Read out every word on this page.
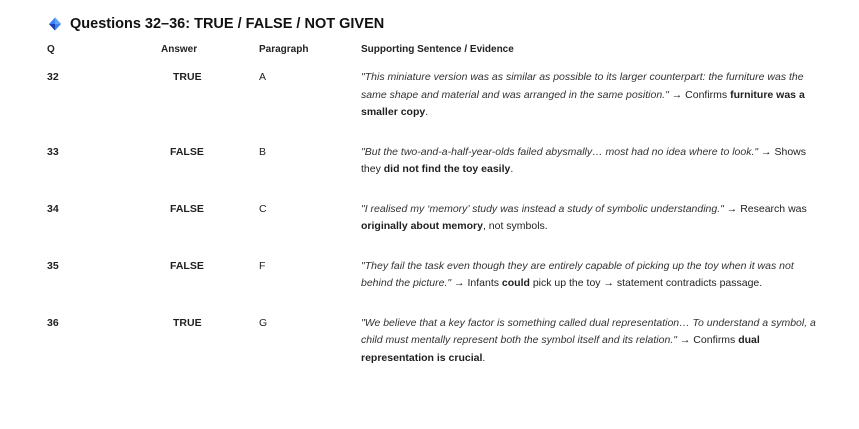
Questions 32–36: TRUE / FALSE / NOT GIVEN
Q	Answer	Paragraph	Supporting Sentence / Evidence
32	TRUE	A	"This miniature version was as similar as possible to its larger counterpart: the furniture was the same shape and material and was arranged in the same position." → Confirms furniture was a smaller copy.
33	FALSE	B	"But the two-and-a-half-year-olds failed abysmally… most had no idea where to look." → Shows they did not find the toy easily.
34	FALSE	C	"I realised my ‘memory’ study was instead a study of symbolic understanding." → Research was originally about memory, not symbols.
35	FALSE	F	"They fail the task even though they are entirely capable of picking up the toy when it was not behind the picture." → Infants could pick up the toy → statement contradicts passage.
36	TRUE	G	"We believe that a key factor is something called dual representation… To understand a symbol, a child must mentally represent both the symbol itself and its relation." → Confirms dual representation is crucial.
